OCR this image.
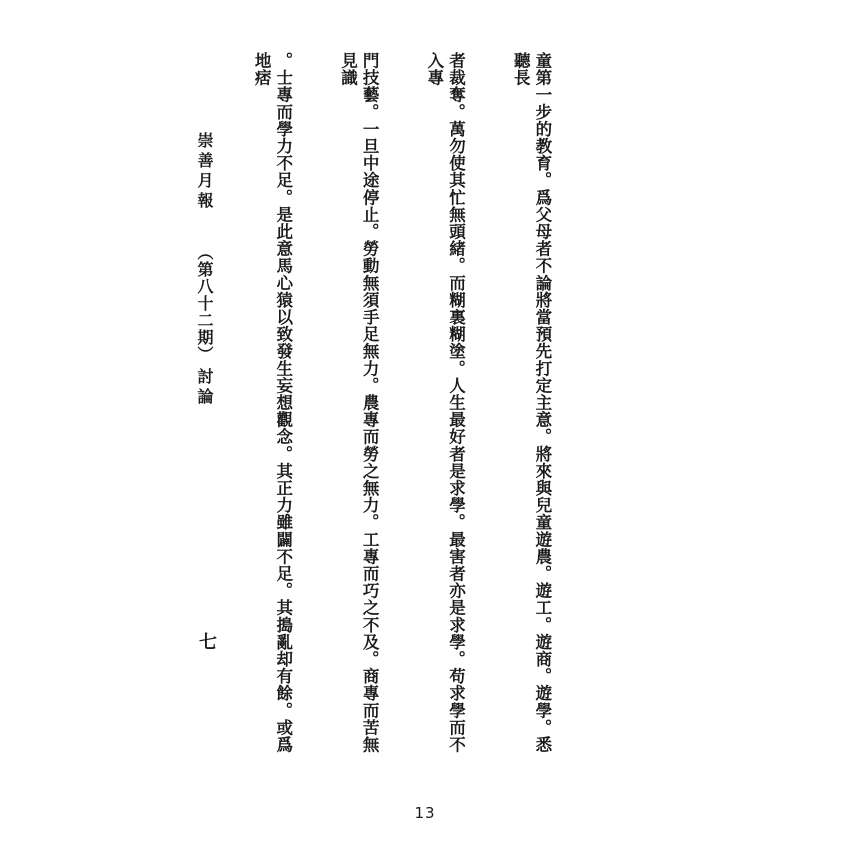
童第一步的教育。爲父母者不論將當預先打定主意。將來與兒童遊農。遊工。遊商。遊學。悉聽長

者裁奪。萬勿使其忙無頭緒。而糊裏糊塗。人生最好者是求學。最害者亦是求學。苟求學而不入專

門技藝。一旦中途停止。勞動無須手足無力。農專而勞之無力。工專而巧之不及。商專而苦無見識

。士專而學力不足。是此意馬心猿以致發生妄想觀念。其正力雖闢不足。其搗亂却有餘。或爲地痞

崇善月報
（第八十二期）
討論
七
13
